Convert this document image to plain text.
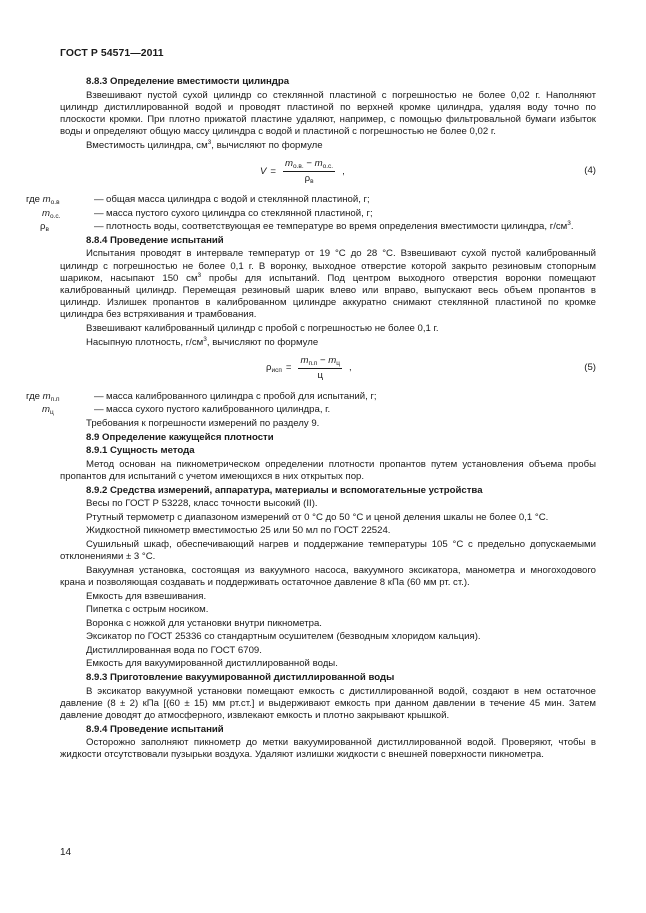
ГОСТ Р 54571—2011
8.8.3 Определение вместимости цилиндра

Взвешивают пустой сухой цилиндр со стеклянной пластиной с погрешностью не более 0,02 г. Наполняют цилиндр дистиллированной водой и проводят пластиной по верхней кромке цилиндра, удаляя воду точно по плоскости кромки. При плотно прижатой пластине удаляют, например, с помощью фильтровальной бумаги избыток воды и определяют общую массу цилиндра с водой и пластиной с погрешностью не более 0,02 г.

Вместимость цилиндра, $см^3$, вычисляют по формуле

$V = \frac{m_{о.в.} - m_{о.с.}}{\rho_в}$ ,	(4)
где $m_{о.в}$	— общая масса цилиндра с водой и стеклянной пластиной, г;
$m_{о.с.}$	— масса пустого сухого цилиндра со стеклянной пластиной, г;
$\rho_в$	— плотность воды, соответствующая ее температуре во время определения вместимости цилиндра, $г/см^3$.
8.8.4 Проведение испытаний

Испытания проводят в интервале температур от 19 °С до 28 °С. Взвешивают сухой пустой калиброванный цилиндр с погрешностью не более 0,1 г. В воронку, выходное отверстие которой закрыто резиновым стопорным шариком, насыпают 150 $см^3$ пробы для испытаний. Под центром выходного отверстия воронки помещают калиброванный цилиндр. Перемещая резиновый шарик влево или вправо, выпускают весь объем пропантов в цилиндр. Излишек пропантов в калиброванном цилиндре аккуратно снимают стеклянной пластиной по кромке цилиндра без встряхивания и трамбования.

Взвешивают калиброванный цилиндр с пробой с погрешностью не более 0,1 г.

Насыпную плотность, $г/см^3$, вычисляют по формуле

$\rho_{исп} = \frac{m_{п.п} - m_ц}{ц}$ ,	(5)
где $m_{п.п}$	— масса калиброванного цилиндра с пробой для испытаний, г;
$m_ц$	— масса сухого пустого калиброванного цилиндра, г.

Требования к погрешности измерений по разделу 9.

8.9 Определение кажущейся плотности
8.9.1 Сущность метода

Метод основан на пикнометрическом определении плотности пропантов путем установления объема пробы пропантов для испытаний с учетом имеющихся в них открытых пор.

8.9.2 Средства измерений, аппаратура, материалы и вспомогательные устройства

Весы по ГОСТ Р 53228, класс точности высокий (II).

Ртутный термометр с диапазоном измерений от 0 °С до 50 °С и ценой деления шкалы не более 0,1 °С.

Жидкостной пикнометр вместимостью 25 или 50 мл по ГОСТ 22524.

Сушильный шкаф, обеспечивающий нагрев и поддержание температуры 105 °С с предельно допускаемыми отклонениями ± 3 °С.

Вакуумная установка, состоящая из вакуумного насоса, вакуумного эксикатора, манометра и многоходового крана и позволяющая создавать и поддерживать остаточное давление 8 кПа (60 мм рт. ст.).

Емкость для взвешивания.

Пипетка с острым носиком.

Воронка с ножкой для установки внутри пикнометра.

Эксикатор по ГОСТ 25336 со стандартным осушителем (безводным хлоридом кальция).

Дистиллированная вода по ГОСТ 6709.

Емкость для вакуумированной дистиллированной воды.

8.9.3 Приготовление вакуумированной дистиллированной воды

В эксикатор вакуумной установки помещают емкость с дистиллированной водой, создают в нем остаточное давление (8 ± 2) кПа [(60 ± 15) мм рт.ст.] и выдерживают емкость при данном давлении в течение 45 мин. Затем давление доводят до атмосферного, извлекают емкость и плотно закрывают крышкой.

8.9.4 Проведение испытаний

Осторожно заполняют пикнометр до метки вакуумированной дистиллированной водой. Проверяют, чтобы в жидкости отсутствовали пузырьки воздуха. Удаляют излишки жидкости с внешней поверхности пикнометра.

14
